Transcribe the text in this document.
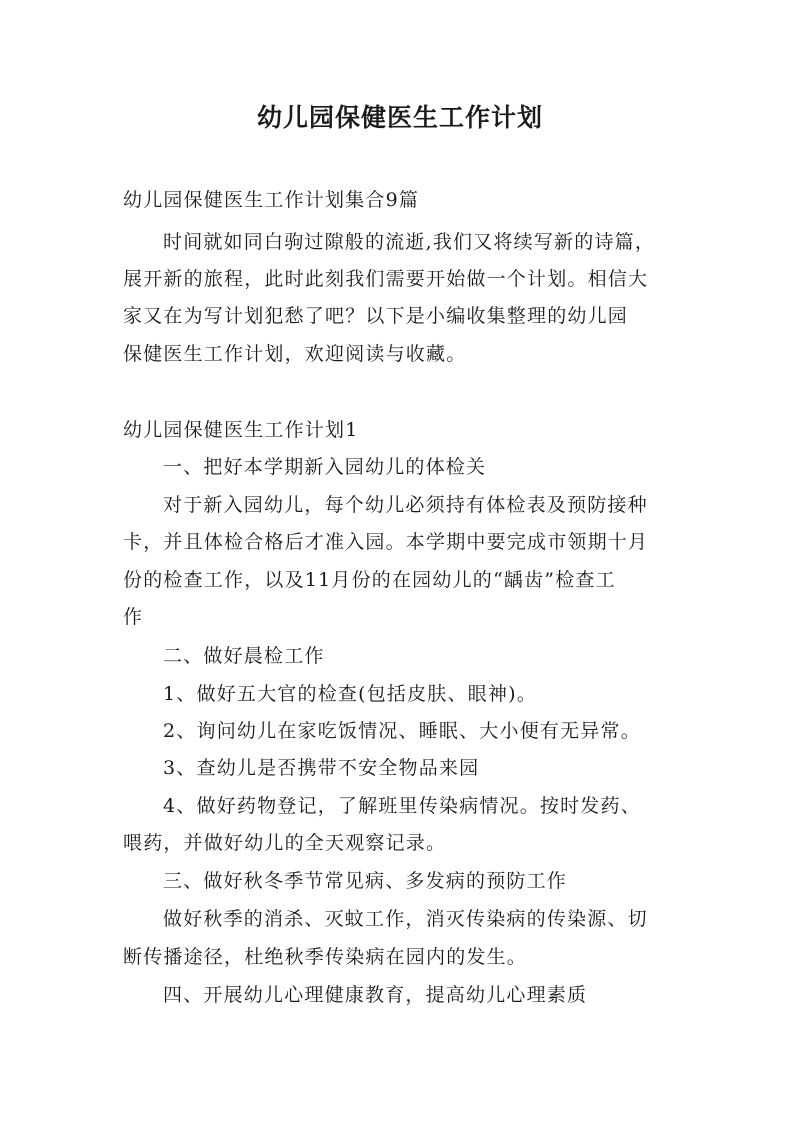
幼儿园保健医生工作计划
幼儿园保健医生工作计划集合9篇
时间就如同白驹过隙般的流逝,我们又将续写新的诗篇，
展开新的旅程，此时此刻我们需要开始做一个计划。相信大
家又在为写计划犯愁了吧？以下是小编收集整理的幼儿园
保健医生工作计划，欢迎阅读与收藏。
幼儿园保健医生工作计划1
一、把好本学期新入园幼儿的体检关
对于新入园幼儿，每个幼儿必须持有体检表及预防接种
卡，并且体检合格后才准入园。本学期中要完成市领期十月
份的检查工作，以及11月份的在园幼儿的“龋齿”检查工
作
二、做好晨检工作
1、做好五大官的检查(包括皮肤、眼神)。
2、询问幼儿在家吃饭情况、睡眠、大小便有无异常。
3、查幼儿是否携带不安全物品来园
4、做好药物登记，了解班里传染病情况。按时发药、
喂药，并做好幼儿的全天观察记录。
三、做好秋冬季节常见病、多发病的预防工作
做好秋季的消杀、灭蚊工作，消灭传染病的传染源、切
断传播途径，杜绝秋季传染病在园内的发生。
四、开展幼儿心理健康教育，提高幼儿心理素质
